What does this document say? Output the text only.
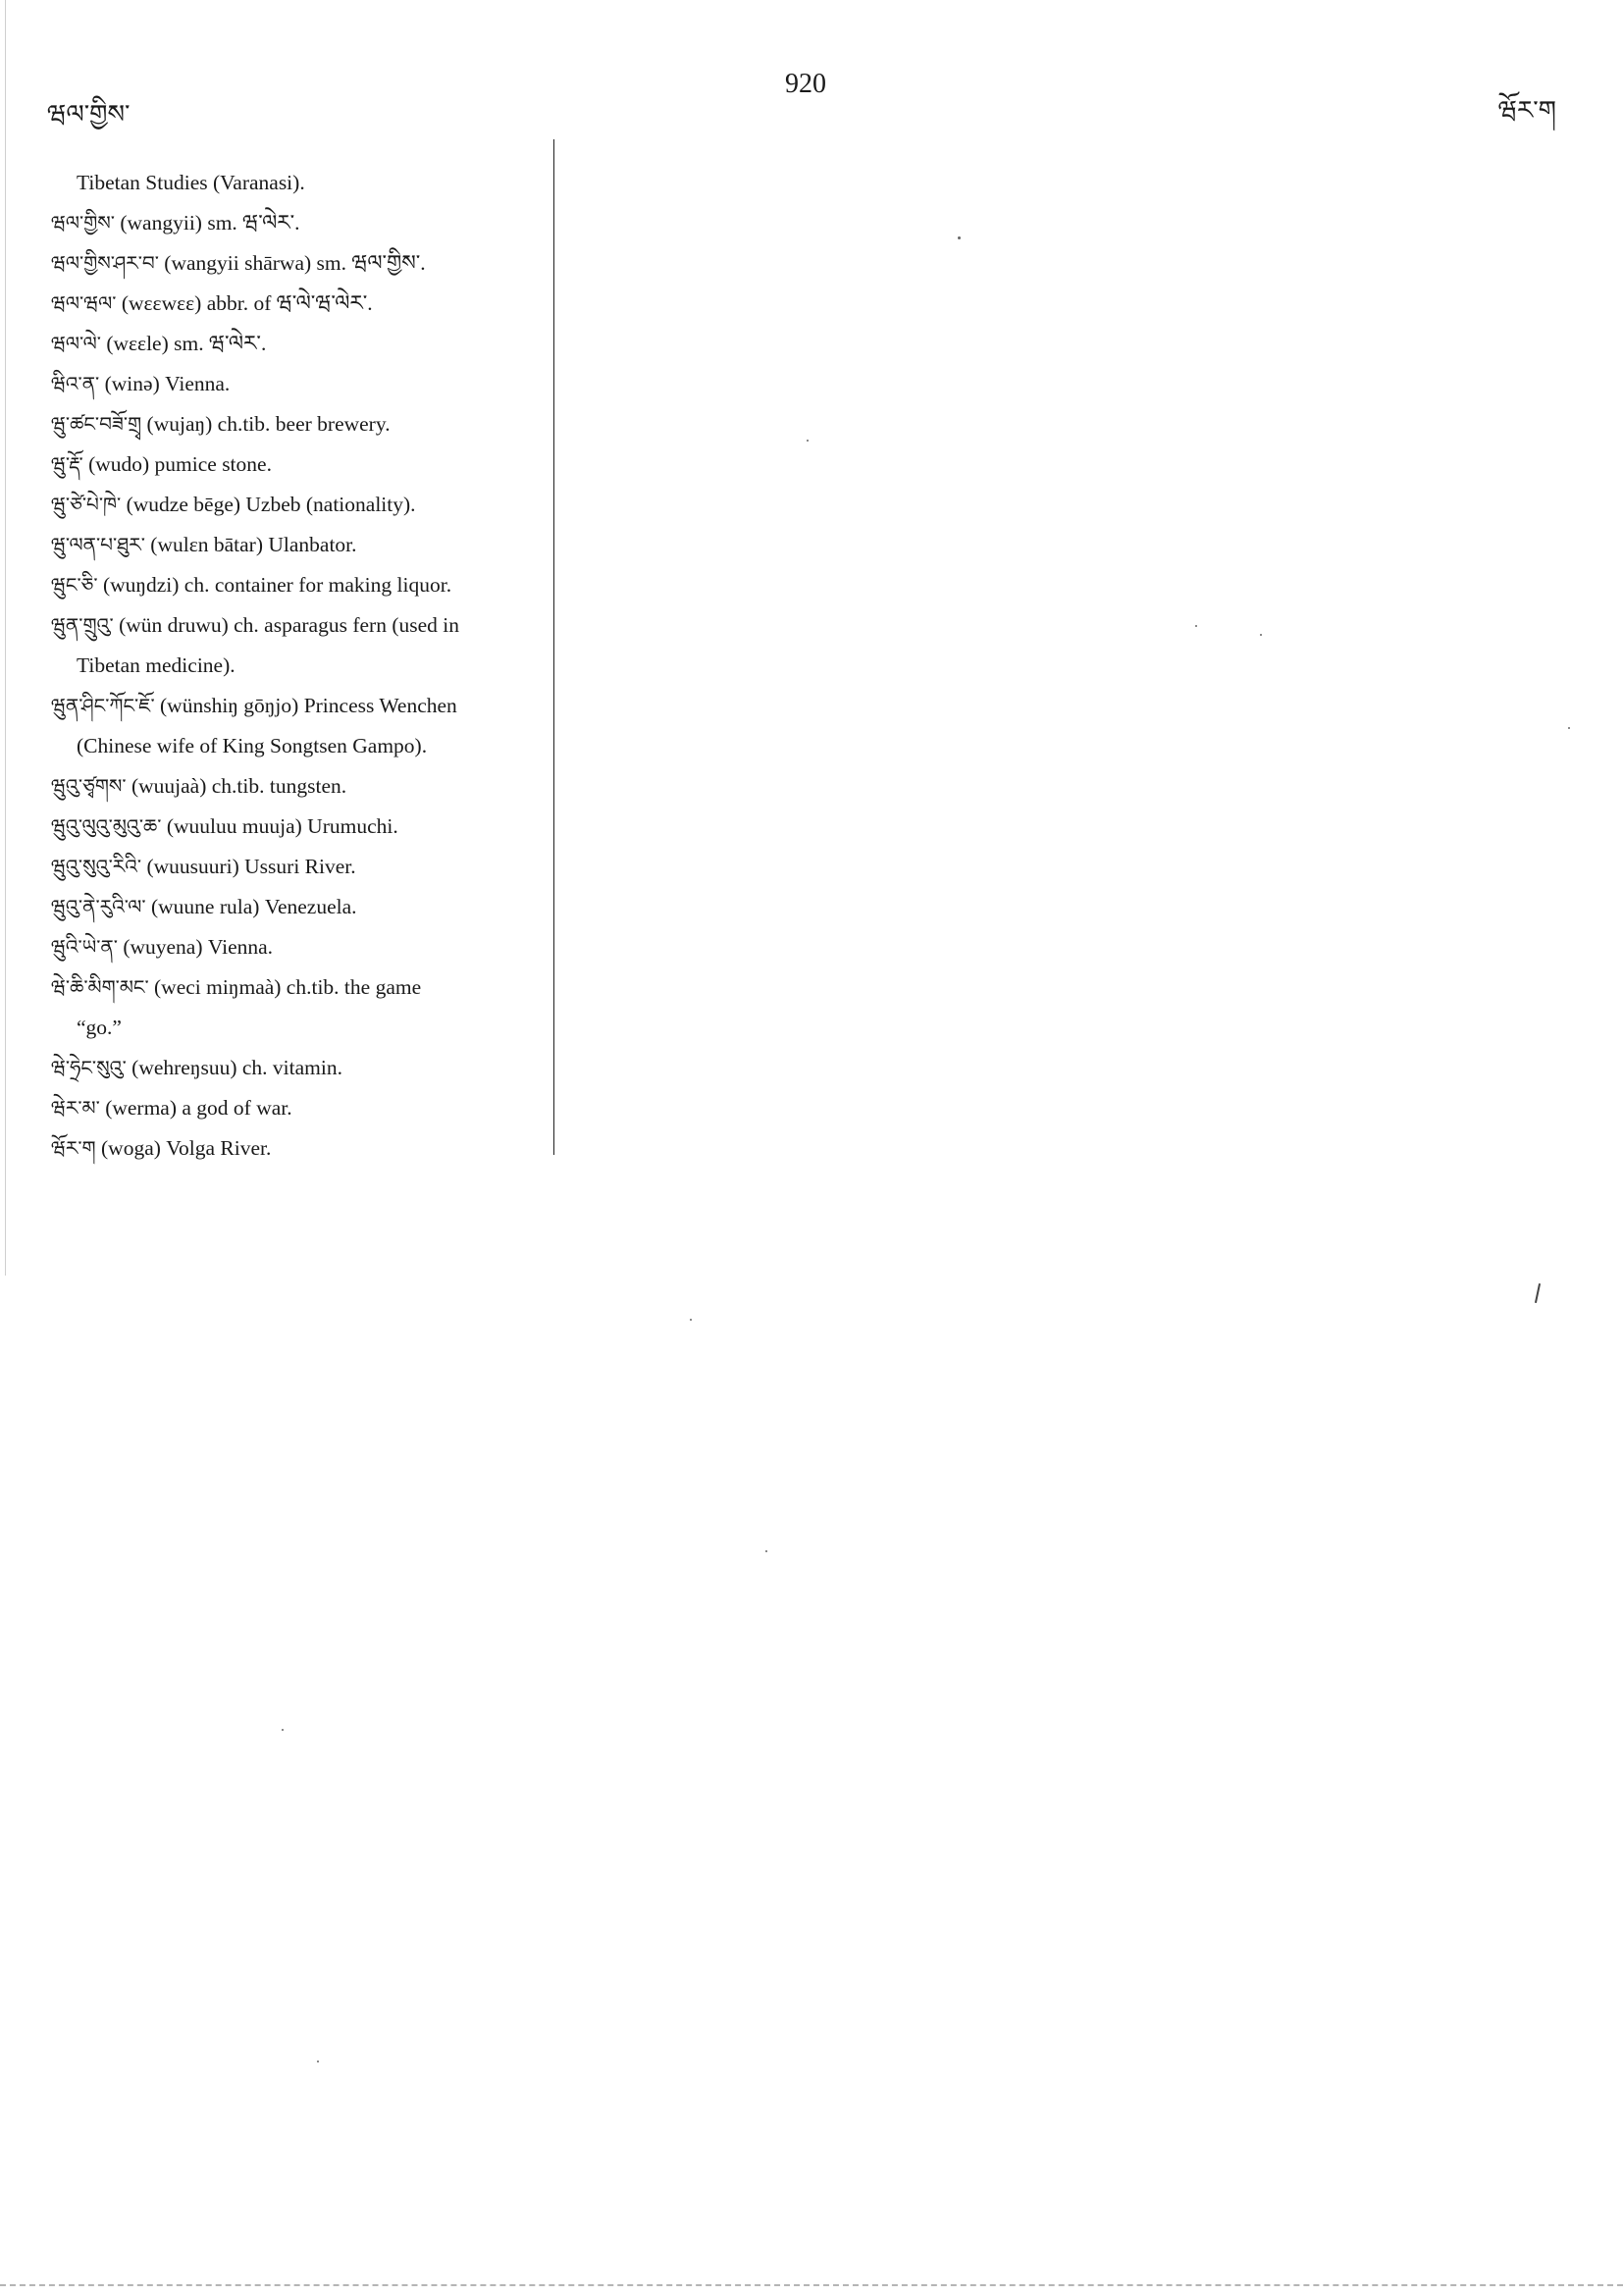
ཝལ་གྱིས་
920
ཝོར་ག

Tibetan Studies (Varanasi).

ཝལ་གྱིས་ (wangyii) sm. ཝ་ལེར་.

ཝལ་གྱིས་ཤར་བ་ (wangyii shārwa) sm. ཝལ་གྱིས་.

ཝལ་ཝལ་ (wɛɛwɛɛ) abbr. of ཝ་ལེ་ཝ་ལེར་.

ཝལ་ལེ་ (wɛɛle) sm. ཝ་ལེར་.

ཝིའ་ན་ (winə) Vienna.

ཝུ་ཚང་བཟོ་གྲྭ (wujaŋ) ch.tib. beer brewery.

ཝུ་རྡོ་ (wudo) pumice stone.

ཝུ་ཙེ་པེ་ཁེ་ (wudze bēge) Uzbeb (nationality).

ཝུ་ལན་པ་ཐུར་ (wulɛn bātar) Ulanbator.

ཝུང་ཅི་ (wuŋdzi) ch. container for making liquor.

ཝུན་གྲུའུ་ (wün druwu) ch. asparagus fern (used in

Tibetan medicine).

ཝུན་ཤིང་ཀོང་ཇོ་ (wünshiŋ gōŋjo) Princess Wenchen

(Chinese wife of King Songtsen Gampo).

ཝུའུ་ཙྭགས་ (wuujaà) ch.tib. tungsten.

ཝུའུ་ལུའུ་མུའུ་ཆ་ (wuuluu muuja) Urumuchi.

ཝུའུ་སུའུ་རིའི་ (wuusuuri) Ussuri River.

ཝུའུ་ནེ་རུའི་ལ་ (wuune rula) Venezuela.

ཝུའི་ཡེ་ན་ (wuyena) Vienna.

ཝེ་ཆི་མིག་མང་ (weci miŋmaà) ch.tib. the game

“go.”

ཝེ་ཧྲེང་སུའུ་ (wehreŋsuu) ch. vitamin.

ཝེར་མ་ (werma) a god of war.

ཝོར་ག (woga) Volga River.
